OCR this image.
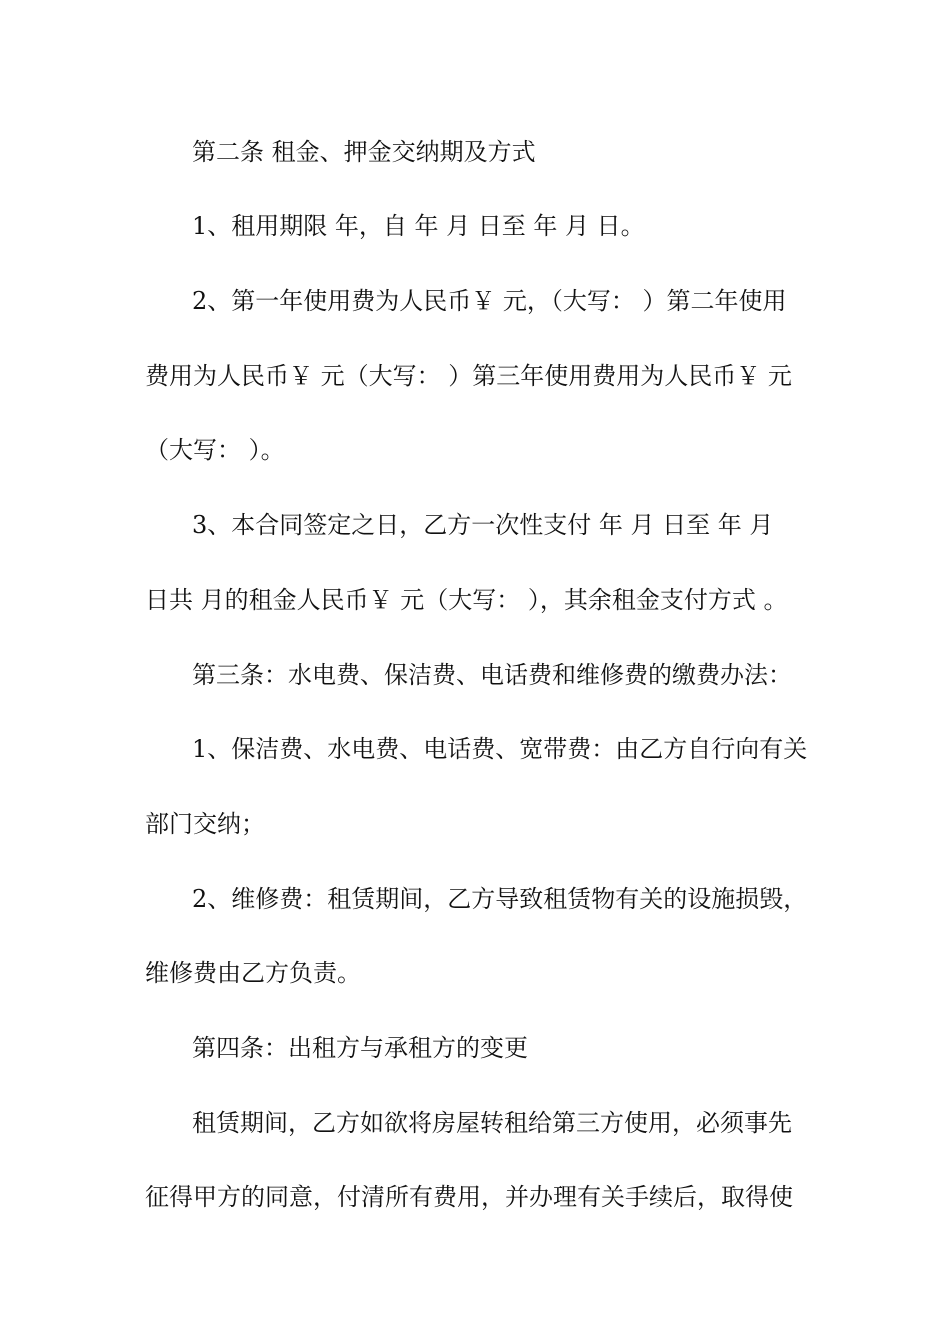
第二条 租金、押金交纳期及方式
1、租用期限 年，自 年 月 日至 年 月 日。
2、第一年使用费为人民币￥ 元，（大写： ）第二年使用
费用为人民币￥ 元（大写： ）第三年使用费用为人民币￥ 元
（大写： ）。
3、本合同签定之日，乙方一次性支付 年 月 日至 年 月
日共 月的租金人民币￥ 元（大写： ），其余租金支付方式 。
第三条：水电费、保洁费、电话费和维修费的缴费办法：
1、保洁费、水电费、电话费、宽带费：由乙方自行向有关
部门交纳；
2、维修费：租赁期间，乙方导致租赁物有关的设施损毁，
维修费由乙方负责。
第四条：出租方与承租方的变更
租赁期间，乙方如欲将房屋转租给第三方使用，必须事先
征得甲方的同意，付清所有费用，并办理有关手续后，取得使
